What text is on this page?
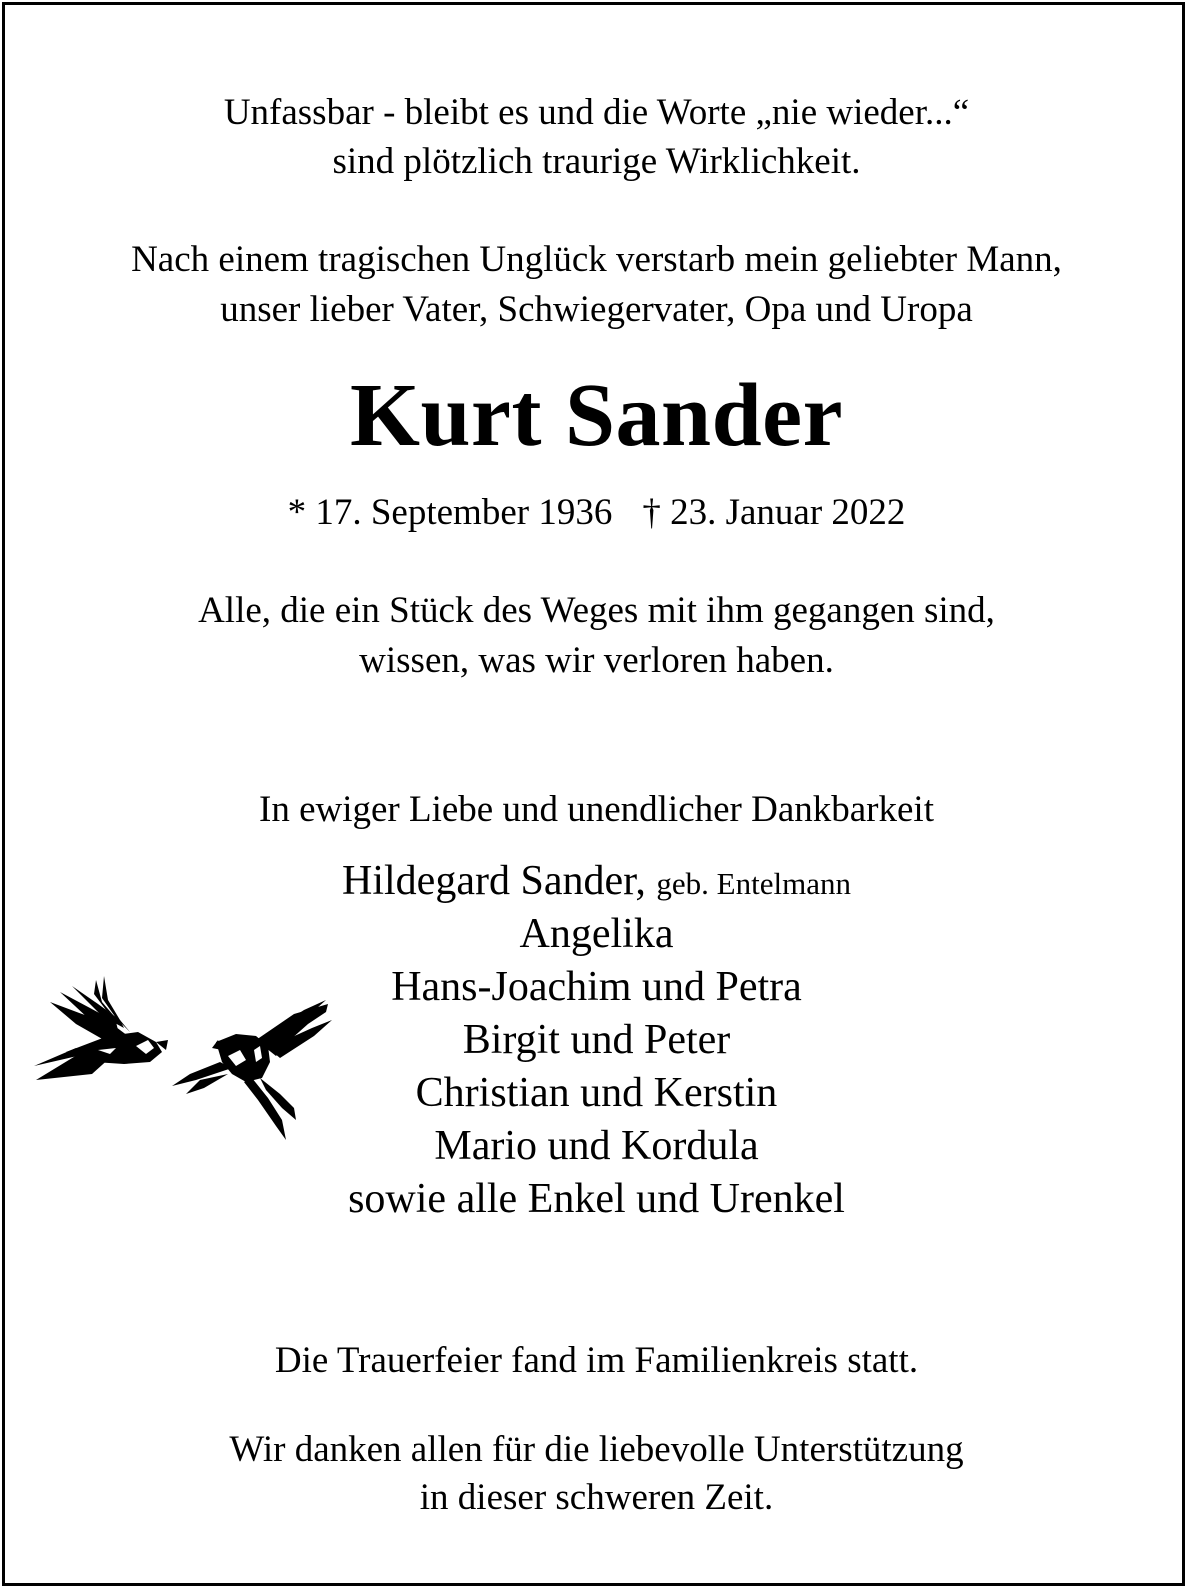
Unfassbar - bleibt es und die Worte „nie wieder...“
sind plötzlich traurige Wirklichkeit.
Nach einem tragischen Unglück verstarb mein geliebter Mann,
unser lieber Vater, Schwiegervater, Opa und Uropa
Kurt Sander
* 17. September 1936 † 23. Januar 2022
Alle, die ein Stück des Weges mit ihm gegangen sind,
wissen, was wir verloren haben.
In ewiger Liebe und unendlicher Dankbarkeit
Hildegard Sander, geb. Entelmann
Angelika
Hans-Joachim und Petra
Birgit und Peter
Christian und Kerstin
Mario und Kordula
sowie alle Enkel und Urenkel
Die Trauerfeier fand im Familienkreis statt.
Wir danken allen für die liebevolle Unterstützung
in dieser schweren Zeit.
